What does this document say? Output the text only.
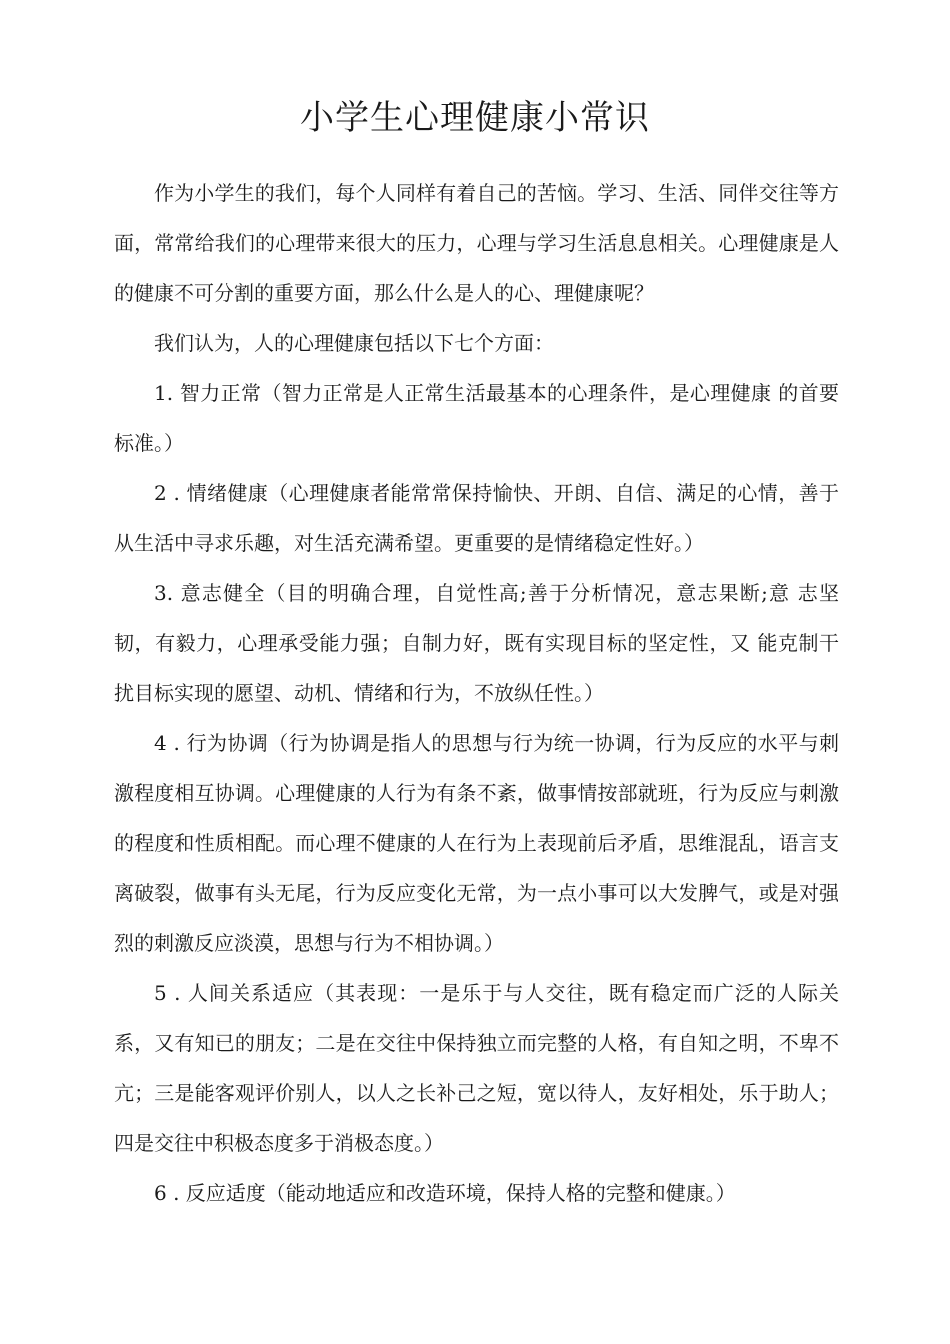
小学生心理健康小常识

作为小学生的我们，每个人同样有着自己的苦恼。学习、生活、同伴交往等方面，常常给我们的心理带来很大的压力，心理与学习生活息息相关。心理健康是人的健康不可分割的重要方面，那么什么是人的心、理健康呢？

我们认为，人的心理健康包括以下七个方面：

1. 智力正常（智力正常是人正常生活最基本的心理条件，是心理健康 的首要标准。）

2 . 情绪健康（心理健康者能常常保持愉快、开朗、自信、满足的心情，善于从生活中寻求乐趣，对生活充满希望。更重要的是情绪稳定性好。）

3. 意志健全（目的明确合理，自觉性高;善于分析情况，意志果断;意 志坚韧，有毅力，心理承受能力强；自制力好，既有实现目标的坚定性，又 能克制干扰目标实现的愿望、动机、情绪和行为，不放纵任性。）

4 . 行为协调（行为协调是指人的思想与行为统一协调，行为反应的水平与刺激程度相互协调。心理健康的人行为有条不紊，做事情按部就班，行为反应与刺激的程度和性质相配。而心理不健康的人在行为上表现前后矛盾，思维混乱，语言支离破裂，做事有头无尾，行为反应变化无常，为一点小事可以大发脾气，或是对强烈的刺激反应淡漠，思想与行为不相协调。）

5 . 人间关系适应（其表现：一是乐于与人交往，既有稳定而广泛的人际关系，又有知已的朋友；二是在交往中保持独立而完整的人格，有自知之明，不卑不亢；三是能客观评价别人，以人之长补己之短，宽以待人，友好相处，乐于助人；四是交往中积极态度多于消极态度。）

6 . 反应适度（能动地适应和改造环境，保持人格的完整和健康。）
